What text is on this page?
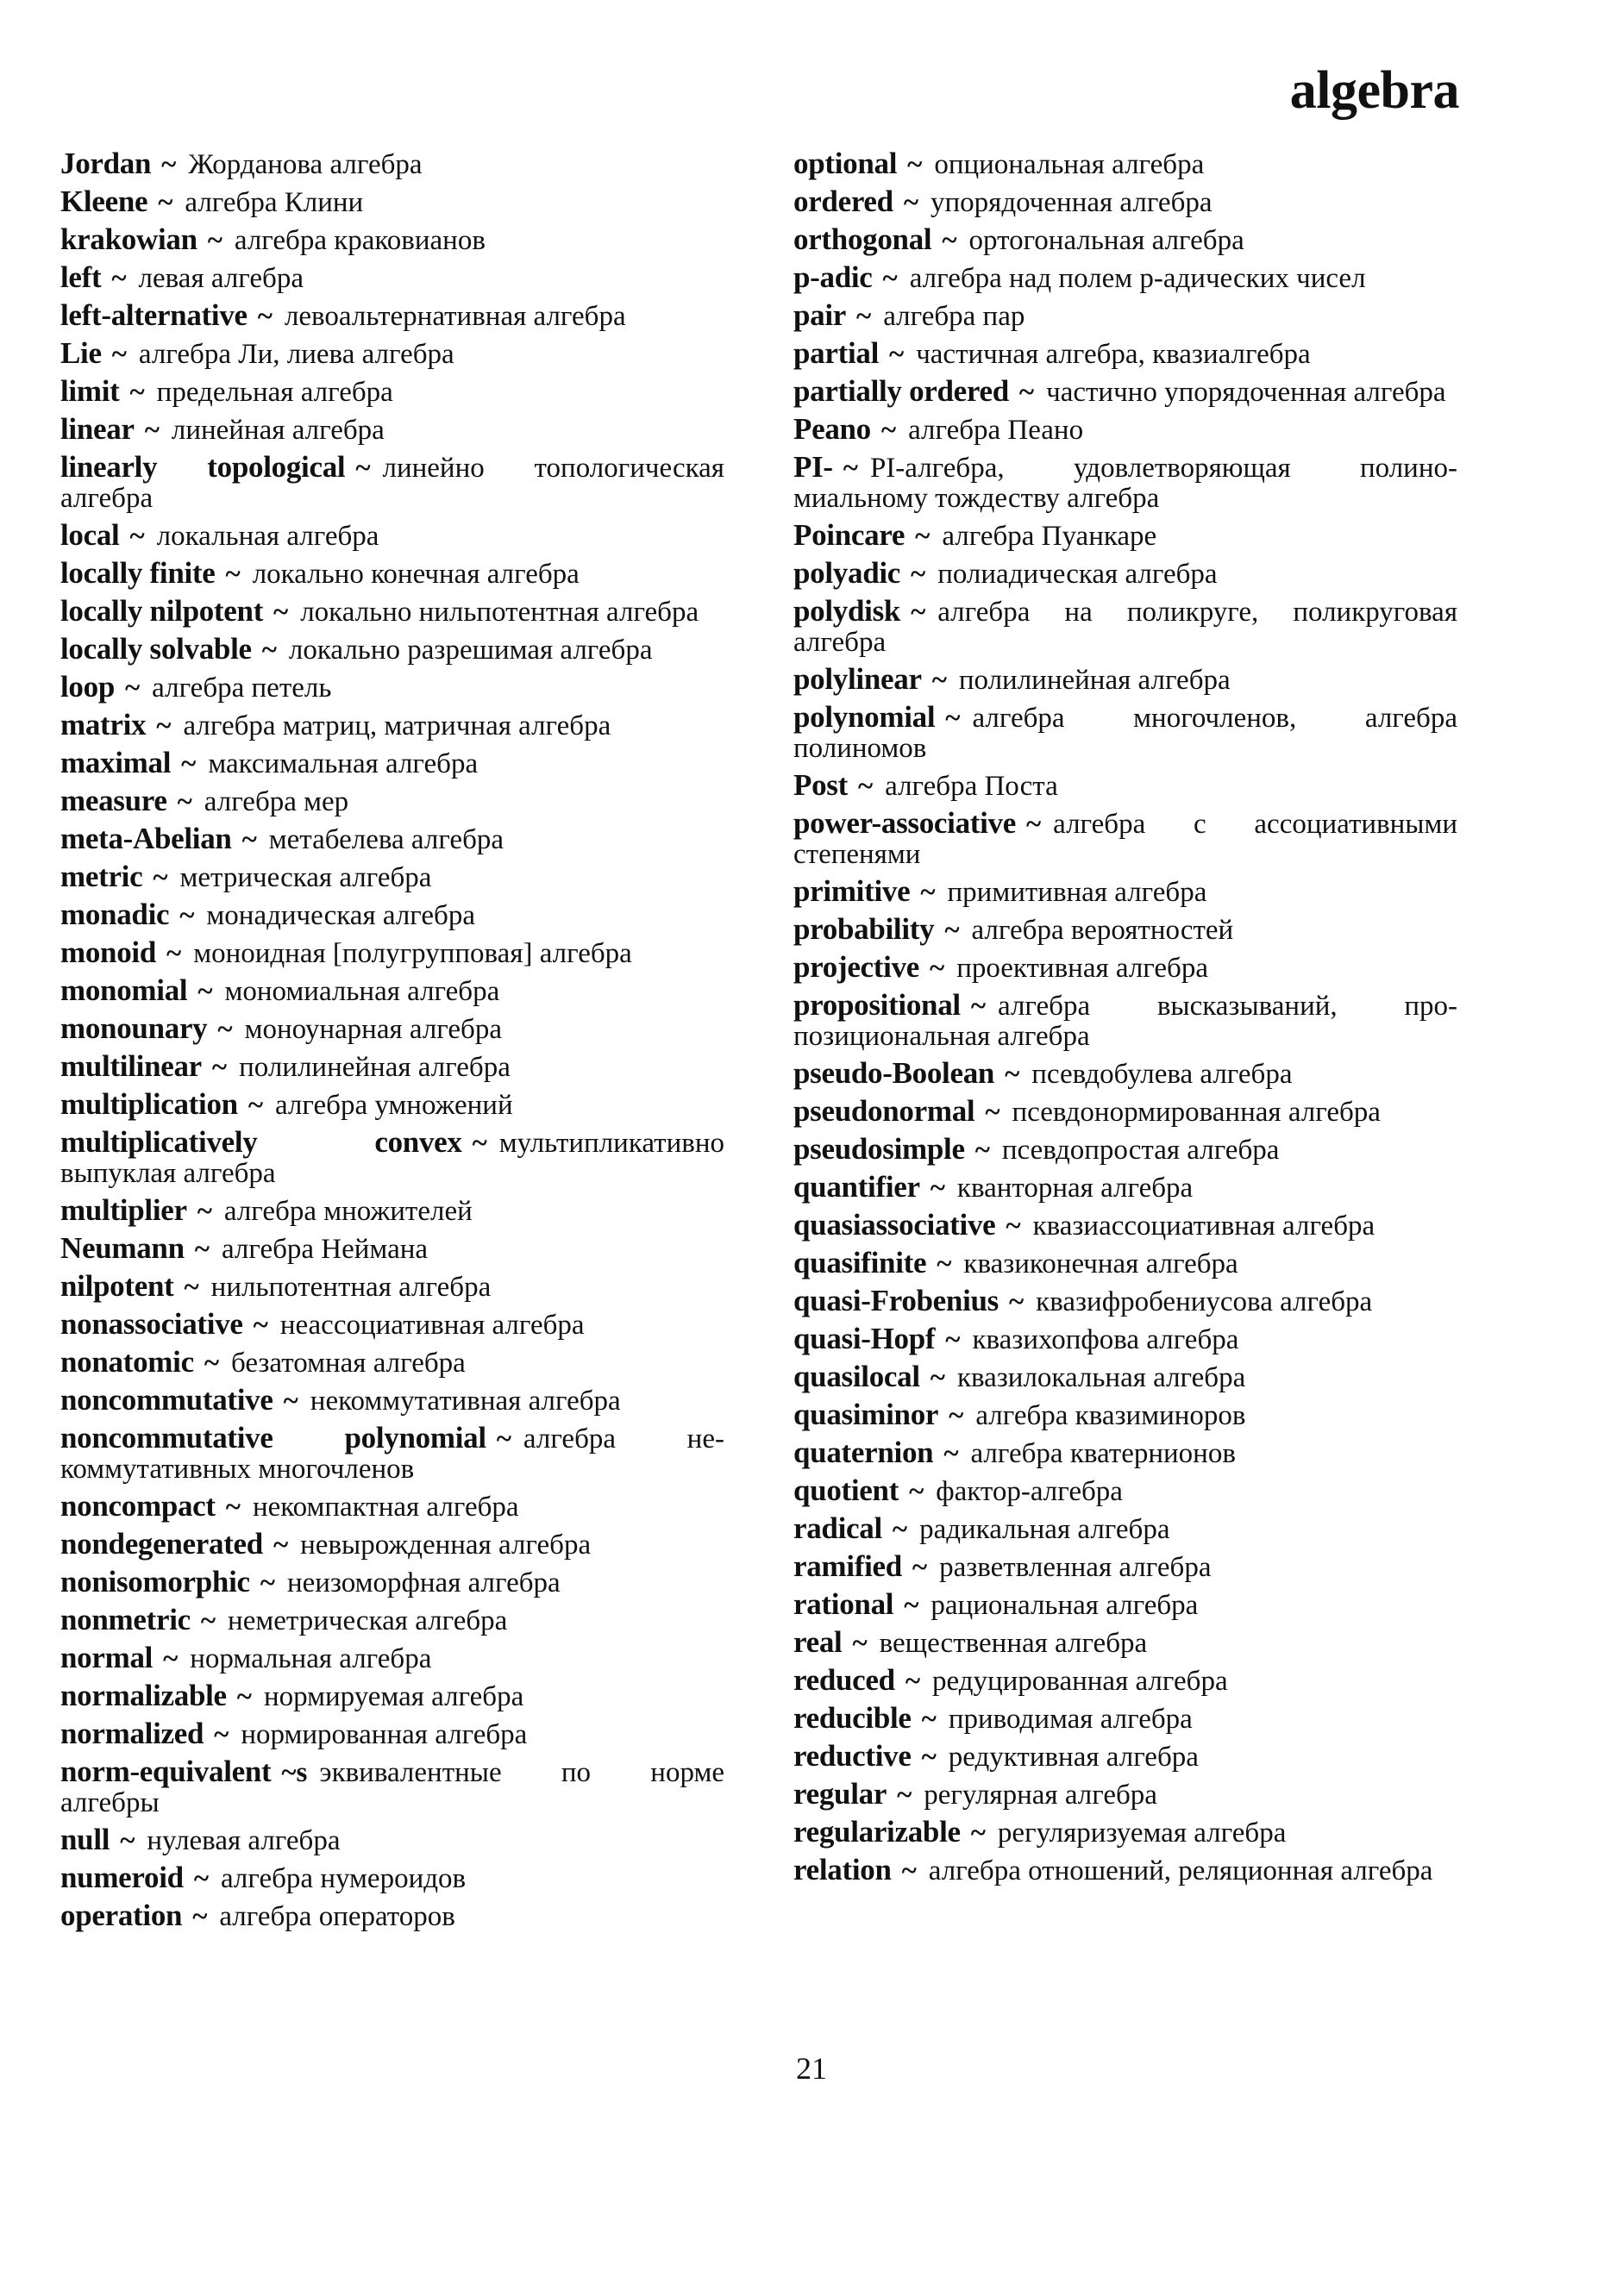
algebra
Jordan ~ Жорданова алгебра
Kleene ~ алгебра Клини
krakowian ~ алгебра краковианов
left ~ левая алгебра
left-alternative ~ левоальтернативная алгебра
Lie ~ алгебра Ли, лиева алгебра
limit ~ предельная алгебра
linear ~ линейная алгебра
linearly topological ~ линейно топологическая алгебра
local ~ локальная алгебра
locally finite ~ локально конечная алгебра
locally nilpotent ~ локально нильпотентная алгебра
locally solvable ~ локально разрешимая алгебра
loop ~ алгебра петель
matrix ~ алгебра матриц, матричная алгебра
maximal ~ максимальная алгебра
measure ~ алгебра мер
meta-Abelian ~ метабелева алгебра
metric ~ метрическая алгебра
monadic ~ монадическая алгебра
monoid ~ моноидная [полугрупповая] алгебра
monomial ~ мономиальная алгебра
monounary ~ моноунарная алгебра
multilinear ~ полилинейная алгебра
multiplication ~ алгебра умножений
multiplicatively convex ~ мультипликативно выпуклая алгебра
multiplier ~ алгебра множителей
Neumann ~ алгебра Неймана
nilpotent ~ нильпотентная алгебра
nonassociative ~ неассоциативная алгебра
nonatomic ~ безатомная алгебра
noncommutative ~ некоммутативная алгебра
noncommutative polynomial ~ алгебра некоммутативных многочленов
noncompact ~ некомпактная алгебра
nondegenerated ~ невырожденная алгебра
nonisomorphic ~ неизоморфная алгебра
nonmetric ~ неметрическая алгебра
normal ~ нормальная алгебра
normalizable ~ нормируемая алгебра
normalized ~ нормированная алгебра
norm-equivalent ~s эквивалентные по норме алгебры
null ~ нулевая алгебра
numeroid ~ алгебра нумероидов
operation ~ алгебра операторов
optional ~ опциональная алгебра
ordered ~ упорядоченная алгебра
orthogonal ~ ортогональная алгебра
p-adic ~ алгебра над полем p-адических чисел
pair ~ алгебра пар
partial ~ частичная алгебра, квазиалгебра
partially ordered ~ частично упорядоченная алгебра
Peano ~ алгебра Пеано
PI- ~ PI-алгебра, удовлетворяющая полиномиальному тождеству алгебра
Poincare ~ алгебра Пуанкаре
polyadic ~ полиадическая алгебра
polydisk ~ алгебра на поликруге, поликруговая алгебра
polylinear ~ полилинейная алгебра
polynomial ~ алгебра многочленов, алгебра полиномов
Post ~ алгебра Поста
power-associative ~ алгебра с ассоциативными степенями
primitive ~ примитивная алгебра
probability ~ алгебра вероятностей
projective ~ проективная алгебра
propositional ~ алгебра высказываний, пропозициональная алгебра
pseudo-Boolean ~ псевдобулева алгебра
pseudonormal ~ псевдонормированная алгебра
pseudosimple ~ псевдопростая алгебра
quantifier ~ кванторная алгебра
quasiassociative ~ квазиассоциативная алгебра
quasifinite ~ квазиконечная алгебра
quasi-Frobenius ~ квазифробениусова алгебра
quasi-Hopf ~ квазихопфова алгебра
quasilocal ~ квазилокальная алгебра
quasiminor ~ алгебра квазиминоров
quaternion ~ алгебра кватернионов
quotient ~ фактор-алгебра
radical ~ радикальная алгебра
ramified ~ разветвленная алгебра
rational ~ рациональная алгебра
real ~ вещественная алгебра
reduced ~ редуцированная алгебра
reducible ~ приводимая алгебра
reductive ~ редуктивная алгебра
regular ~ регулярная алгебра
regularizable ~ регуляризуемая алгебра
relation ~ алгебра отношений, реляционная алгебра
21
